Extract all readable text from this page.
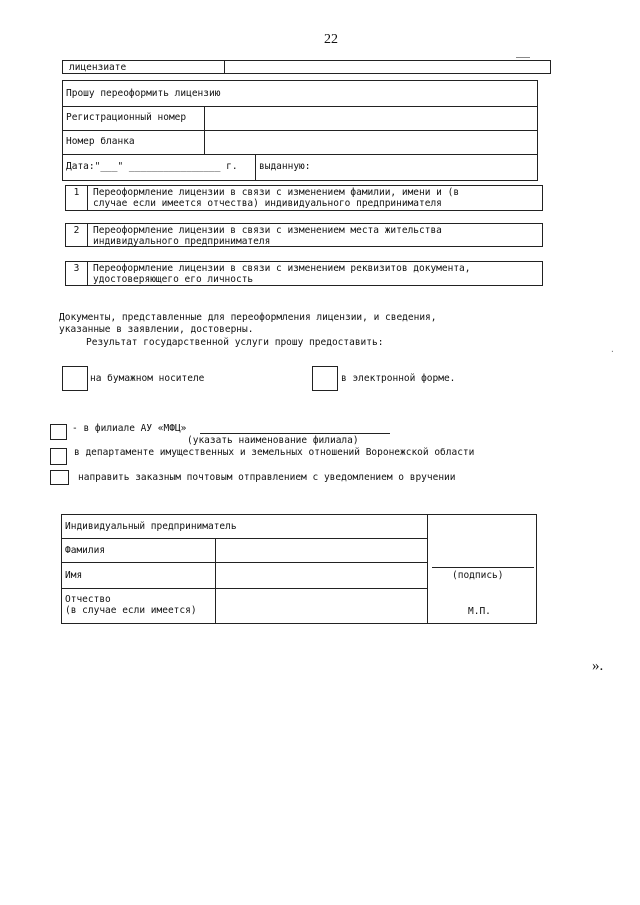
22
лицензиате
Прошу переоформить лицензию
Регистрационный номер
Номер бланка
Дата:"___" ________________ г. выданную:
1	Переоформление лицензии в связи с изменением фамилии, имени и (в
случае если имеется отчества) индивидуального предпринимателя
2	Переоформление лицензии в связи с изменением места жительства
индивидуального предпринимателя
3	Переоформление лицензии в связи с изменением реквизитов документа,
удостоверяющего его личность
Документы, представленные для переоформления лицензии, и сведения,
указанные в заявлении, достоверны.
Результат государственной услуги прошу предоставить:
·
на бумажном носителе	в электронной форме.
- в филиале АУ «МФЦ»
(указать наименование филиала)
в департаменте имущественных и земельных отношений Воронежской области
направить заказным почтовым отправлением с уведомлением о вручении
Индивидуальный предприниматель
Фамилия
Имя
Отчество
(в случае если имеется)
(подпись)
М.П.
».
